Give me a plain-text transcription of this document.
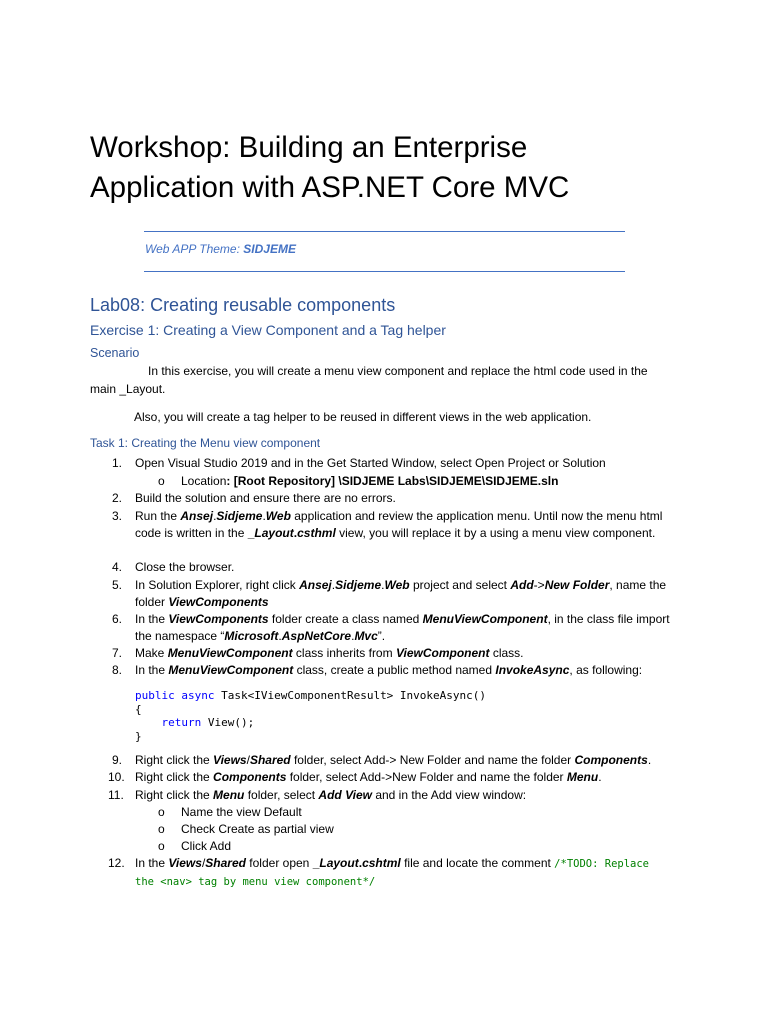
Workshop: Building an Enterprise
Application with ASP.NET Core MVC
Web APP Theme: SIDJEME
Lab08: Creating reusable components
Exercise 1: Creating a View Component and a Tag helper
Scenario

In this exercise, you will create a menu view component and replace the html code used in the
main _Layout.

Also, you will create a tag helper to be reused in different views in the web application.

Task 1: Creating the Menu view component
1. Open Visual Studio 2019 and in the Get Started Window, select Open Project or Solution
o Location: [Root Repository] \SIDJEME Labs\SIDJEME\SIDJEME.sln
2. Build the solution and ensure there are no errors.
3. Run the Ansej.Sidjeme.Web application and review the application menu. Until now the menu html code is written in the _Layout.csthml view, you will replace it by a using a menu view component.
4. Close the browser.
5. In Solution Explorer, right click Ansej.Sidjeme.Web project and select Add->New Folder, name the folder ViewComponents
6. In the ViewComponents folder create a class named MenuViewComponent, in the class file import the namespace “Microsoft.AspNetCore.Mvc”.
7. Make MenuViewComponent class inherits from ViewComponent class.
8. In the MenuViewComponent class, create a public method named InvokeAsync, as following:
public async Task<IViewComponentResult> InvokeAsync()
{
return View();
}
9. Right click the Views/Shared folder, select Add-> New Folder and name the folder Components.
10. Right click the Components folder, select Add->New Folder and name the folder Menu.
11. Right click the Menu folder, select Add View and in the Add view window:
o Name the view Default
o Check Create as partial view
o Click Add
12. In the Views/Shared folder open _Layout.cshtml file and locate the comment /*TODO: Replace
the <nav> tag by menu view component*/
